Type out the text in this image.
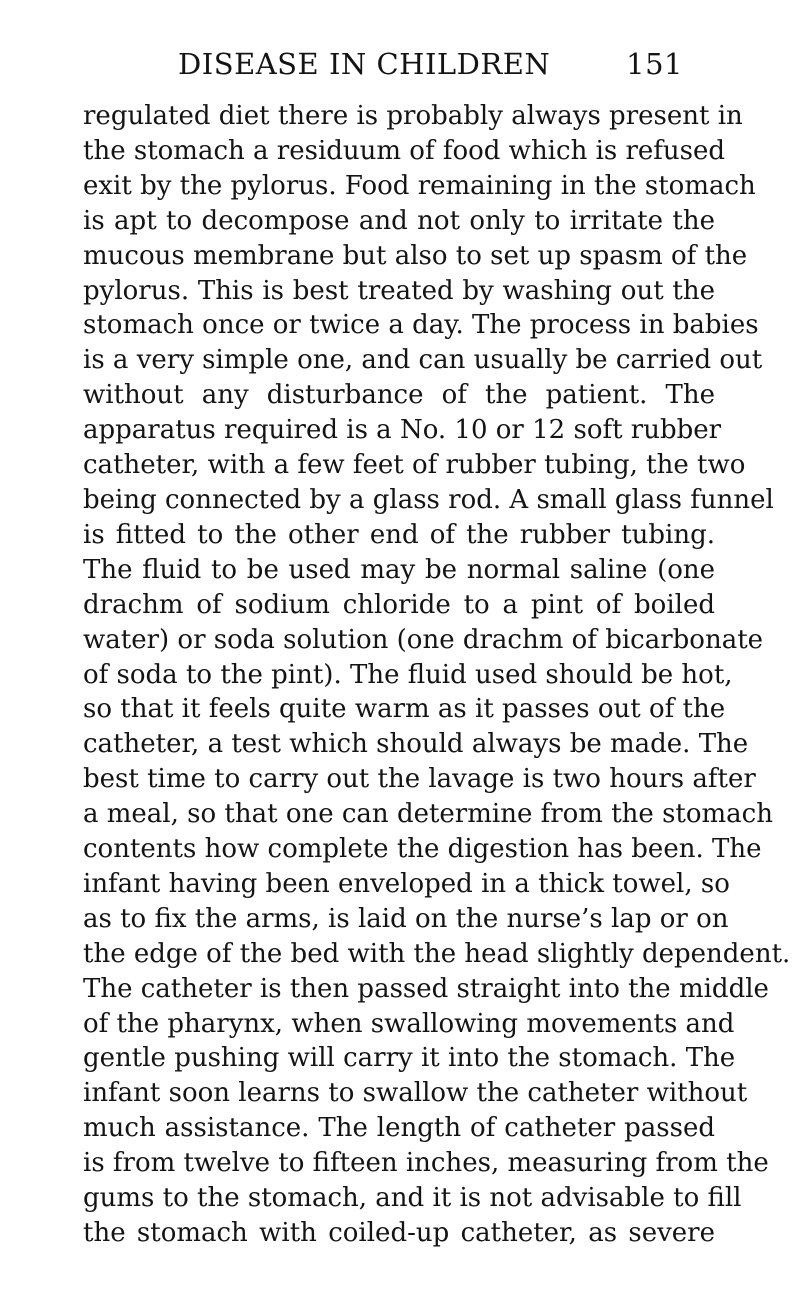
DISEASE IN CHILDREN	151
regulated diet there is probably always present in
the stomach a residuum of food which is refused
exit by the pylorus. Food remaining in the stomach
is apt to decompose and not only to irritate the
mucous membrane but also to set up spasm of the
pylorus. This is best treated by washing out the
stomach once or twice a day. The process in babies
is a very simple one, and can usually be carried out
without any disturbance of the patient. The
apparatus required is a No. 10 or 12 soft rubber
catheter, with a few feet of rubber tubing, the two
being connected by a glass rod. A small glass funnel
is fitted to the other end of the rubber tubing.
The fluid to be used may be normal saline (one
drachm of sodium chloride to a pint of boiled
water) or soda solution (one drachm of bicarbonate
of soda to the pint). The fluid used should be hot,
so that it feels quite warm as it passes out of the
catheter, a test which should always be made. The
best time to carry out the lavage is two hours after
a meal, so that one can determine from the stomach
contents how complete the digestion has been. The
infant having been enveloped in a thick towel, so
as to fix the arms, is laid on the nurse’s lap or on
the edge of the bed with the head slightly dependent.
The catheter is then passed straight into the middle
of the pharynx, when swallowing movements and
gentle pushing will carry it into the stomach. The
infant soon learns to swallow the catheter without
much assistance. The length of catheter passed
is from twelve to fifteen inches, measuring from the
gums to the stomach, and it is not advisable to fill
the stomach with coiled-up catheter, as severe
